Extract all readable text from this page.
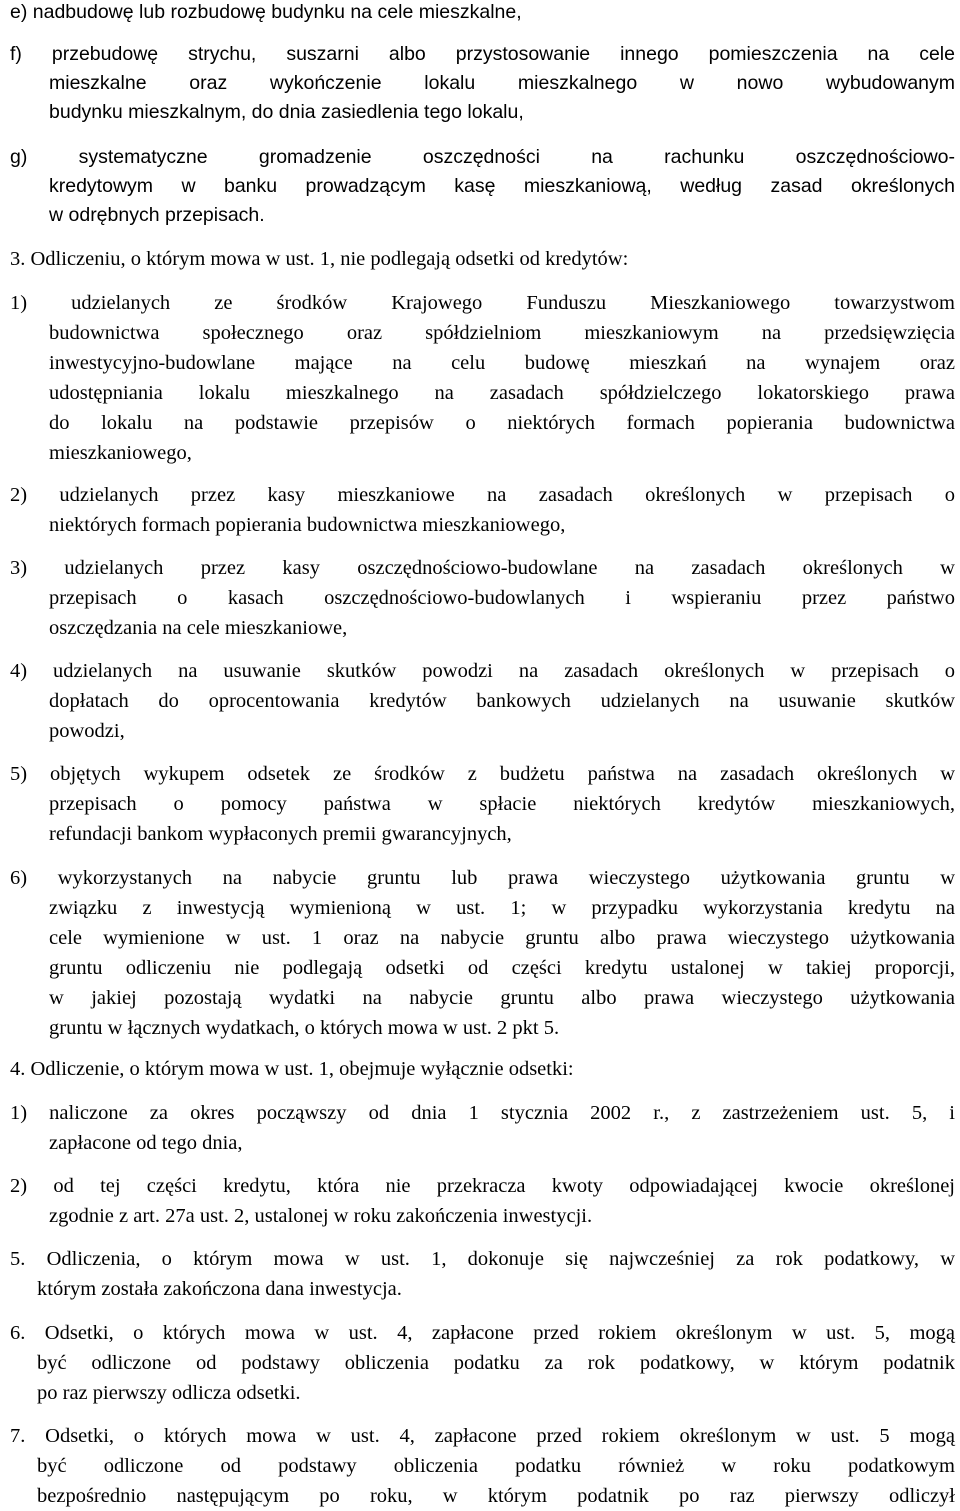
e) nadbudowę lub rozbudowę budynku na cele mieszkalne,
f) przebudowę strychu, suszarni albo przystosowanie innego pomieszczenia na cele
mieszkalne oraz wykończenie lokalu mieszkalnego w nowo wybudowanym
budynku mieszkalnym, do dnia zasiedlenia tego lokalu,
g) systematyczne gromadzenie oszczędności na rachunku oszczędnościowo-
kredytowym w banku prowadzącym kasę mieszkaniową, według zasad określonych
w odrębnych przepisach.
3. Odliczeniu, o którym mowa w ust. 1, nie podlegają odsetki od kredytów:
1) udzielanych ze środków Krajowego Funduszu Mieszkaniowego towarzystwom
budownictwa społecznego oraz spółdzielniom mieszkaniowym na przedsięwzięcia
inwestycyjno-budowlane mające na celu budowę mieszkań na wynajem oraz
udostępniania lokalu mieszkalnego na zasadach spółdzielczego lokatorskiego prawa
do lokalu na podstawie przepisów o niektórych formach popierania budownictwa
mieszkaniowego,
2) udzielanych przez kasy mieszkaniowe na zasadach określonych w przepisach o
niektórych formach popierania budownictwa mieszkaniowego,
3) udzielanych przez kasy oszczędnościowo-budowlane na zasadach określonych w
przepisach o kasach oszczędnościowo-budowlanych i wspieraniu przez państwo
oszczędzania na cele mieszkaniowe,
4) udzielanych na usuwanie skutków powodzi na zasadach określonych w przepisach o
dopłatach do oprocentowania kredytów bankowych udzielanych na usuwanie skutków
powodzi,
5) objętych wykupem odsetek ze środków z budżetu państwa na zasadach określonych w
przepisach o pomocy państwa w spłacie niektórych kredytów mieszkaniowych,
refundacji bankom wypłaconych premii gwarancyjnych,
6) wykorzystanych na nabycie gruntu lub prawa wieczystego użytkowania gruntu w
związku z inwestycją wymienioną w ust. 1; w przypadku wykorzystania kredytu na
cele wymienione w ust. 1 oraz na nabycie gruntu albo prawa wieczystego użytkowania
gruntu odliczeniu nie podlegają odsetki od części kredytu ustalonej w takiej proporcji,
w jakiej pozostają wydatki na nabycie gruntu albo prawa wieczystego użytkowania
gruntu w łącznych wydatkach, o których mowa w ust. 2 pkt 5.
4. Odliczenie, o którym mowa w ust. 1, obejmuje wyłącznie odsetki:
1) naliczone za okres począwszy od dnia 1 stycznia 2002 r., z zastrzeżeniem ust. 5, i
zapłacone od tego dnia,
2) od tej części kredytu, która nie przekracza kwoty odpowiadającej kwocie określonej
zgodnie z art. 27a ust. 2, ustalonej w roku zakończenia inwestycji.
5. Odliczenia, o którym mowa w ust. 1, dokonuje się najwcześniej za rok podatkowy, w
którym została zakończona dana inwestycja.
6. Odsetki, o których mowa w ust. 4, zapłacone przed rokiem określonym w ust. 5, mogą
być odliczone od podstawy obliczenia podatku za rok podatkowy, w którym podatnik
po raz pierwszy odlicza odsetki.
7. Odsetki, o których mowa w ust. 4, zapłacone przed rokiem określonym w ust. 5 mogą
być odliczone od podstawy obliczenia podatku również w roku podatkowym
bezpośrednio następującym po roku, w którym podatnik po raz pierwszy odliczył
